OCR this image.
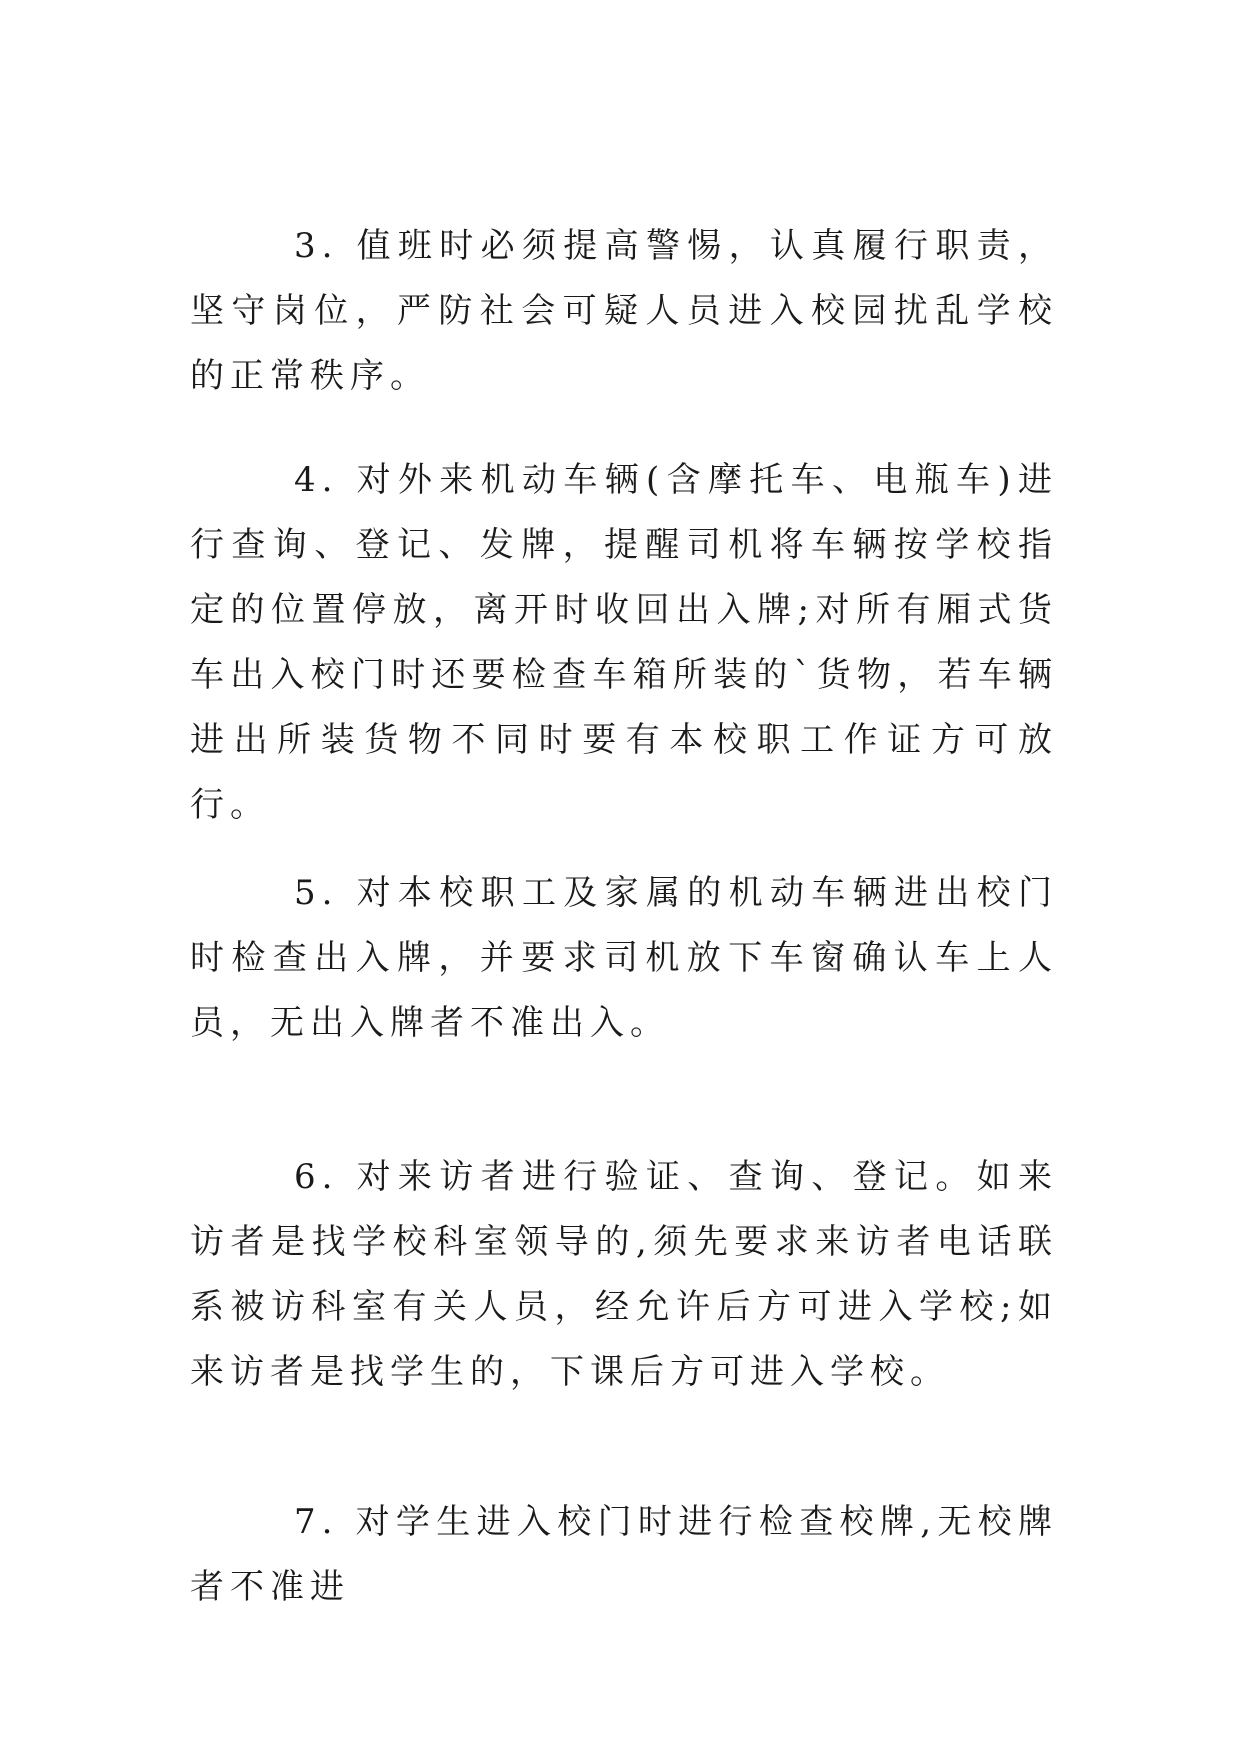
3. 值班时必须提高警惕，认真履行职责，坚守岗位，严防社会可疑人员进入校园扰乱学校的正常秩序。

4. 对外来机动车辆(含摩托车、电瓶车)进行查询、登记、发牌，提醒司机将车辆按学校指定的位置停放，离开时收回出入牌;对所有厢式货车出入校门时还要检查车箱所装的`货物，若车辆进出所装货物不同时要有本校职工作证方可放行。

5. 对本校职工及家属的机动车辆进出校门时检查出入牌，并要求司机放下车窗确认车上人员，无出入牌者不准出入。

6. 对来访者进行验证、查询、登记。如来访者是找学校科室领导的,须先要求来访者电话联系被访科室有关人员，经允许后方可进入学校;如来访者是找学生的，下课后方可进入学校。

7. 对学生进入校门时进行检查校牌,无校牌者不准进
